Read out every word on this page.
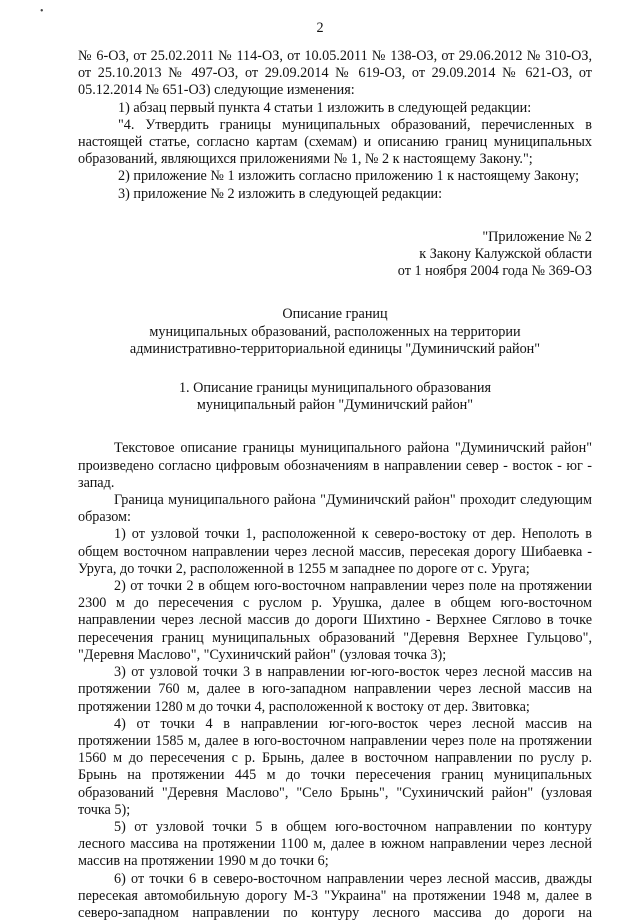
•
2

№ 6-ОЗ, от 25.02.2011 № 114-ОЗ, от 10.05.2011 № 138-ОЗ, от 29.06.2012 № 310-ОЗ, от 25.10.2013 № 497-ОЗ, от 29.09.2014 № 619-ОЗ, от 29.09.2014 № 621-ОЗ, от 05.12.2014 № 651-ОЗ) следующие изменения:

1) абзац первый пункта 4 статьи 1 изложить в следующей редакции:

"4. Утвердить границы муниципальных образований, перечисленных в настоящей статье, согласно картам (схемам) и описанию границ муниципальных образований, являющихся приложениями № 1, № 2 к настоящему Закону.";

2) приложение № 1 изложить согласно приложению 1 к настоящему Закону;

3) приложение № 2 изложить в следующей редакции:

"Приложение № 2

к Закону Калужской области

от 1 ноября 2004 года № 369-ОЗ

Описание границ

муниципальных образований, расположенных на территории

административно-территориальной единицы "Думиничский район"

1. Описание границы муниципального образования

муниципальный район "Думиничский район"

Текстовое описание границы муниципального района "Думиничский район" произведено согласно цифровым обозначениям в направлении север - восток - юг - запад.

Граница муниципального района "Думиничский район" проходит следующим образом:

1) от узловой точки 1, расположенной к северо-востоку от дер. Неполоть в общем восточном направлении через лесной массив, пересекая дорогу Шибаевка - Уруга, до точки 2, расположенной в 1255 м западнее по дороге от с. Уруга;

2) от точки 2 в общем юго-восточном направлении через поле на протяжении 2300 м до пересечения с руслом р. Урушка, далее в общем юго-восточном направлении через лесной массив до дороги Шихтино - Верхнее Сяглово в точке пересечения границ муниципальных образований "Деревня Верхнее Гульцово", "Деревня Маслово", "Сухиничский район" (узловая точка 3);

3) от узловой точки 3 в направлении юг-юго-восток через лесной массив на протяжении 760 м, далее в юго-западном направлении через лесной массив на протяжении 1280 м до точки 4, расположенной к востоку от дер. Звитовка;

4) от точки 4 в направлении юг-юго-восток через лесной массив на протяжении 1585 м, далее в юго-восточном направлении через поле на протяжении 1560 м до пересечения с р. Брынь, далее в восточном направлении по руслу р. Брынь на протяжении 445 м до точки пересечения границ муниципальных образований "Деревня Маслово", "Село Брынь", "Сухиничский район" (узловая точка 5);

5) от узловой точки 5 в общем юго-восточном направлении по контуру лесного массива на протяжении 1100 м, далее в южном направлении через лесной массив на протяжении 1990 м до точки 6;

6) от точки 6 в северо-восточном направлении через лесной массив, дважды пересекая автомобильную дорогу М-3 "Украина" на протяжении 1948 м, далее в северо-западном направлении по контуру лесного массива до дороги на
